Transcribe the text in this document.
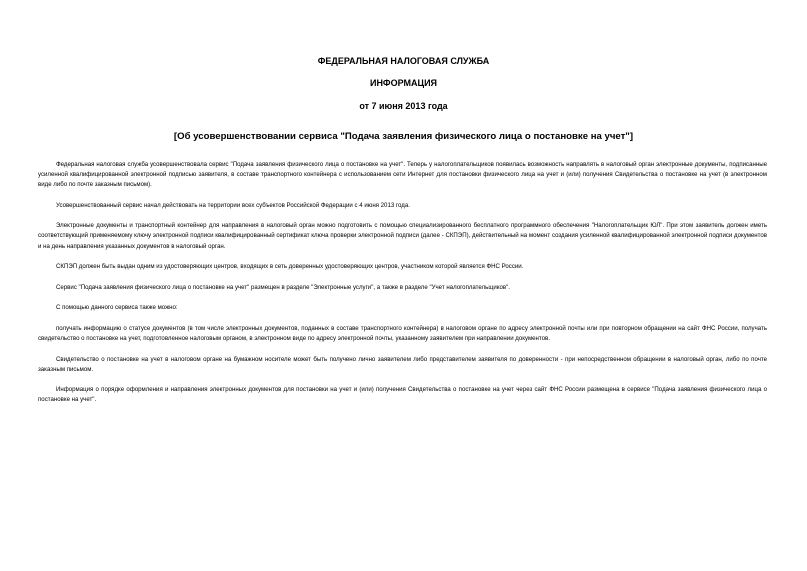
ФЕДЕРАЛЬНАЯ НАЛОГОВАЯ СЛУЖБА
ИНФОРМАЦИЯ
от 7 июня 2013 года
[Об усовершенствовании сервиса "Подача заявления физического лица о постановке на учет"]

Федеральная налоговая служба усовершенствовала сервис "Подача заявления физического лица о постановке на учет". Теперь у налогоплательщиков появилась возможность направлять в налоговый орган электронные документы, подписанные усиленной квалифицированной электронной подписью заявителя, в составе транспортного контейнера с использованием сети Интернет для постановки физического лица на учет и (или) получения Свидетельства о постановке на учет (в электронном виде либо по почте заказным письмом).

Усовершенствованный сервис начал действовать на территории всех субъектов Российской Федерации с 4 июня 2013 года.

Электронные документы и транспортный контейнер для направления в налоговый орган можно подготовить с помощью специализированного бесплатного программного обеспечения "Налогоплательщик ЮЛ". При этом заявитель должен иметь соответствующий применяемому ключу электронной подписи квалифицированный сертификат ключа проверки электронной подписи (далее - СКПЭП), действительный на момент создания усиленной квалифицированной электронной подписи документов и на день направления указанных документов в налоговый орган.

СКПЭП должен быть выдан одним из удостоверяющих центров, входящих в сеть доверенных удостоверяющих центров, участником которой является ФНС России.

Сервис "Подача заявления физического лица о постановке на учет" размещен в разделе "Электронные услуги", а также в разделе "Учет налогоплательщиков".

С помощью данного сервиса также можно:

получать информацию о статусе документов (в том числе электронных документов, поданных в составе транспортного контейнера) в налоговом органе по адресу электронной почты или при повторном обращении на сайт ФНС России, получать свидетельство о постановке на учет, подготовленное налоговым органом, в электронном виде по адресу электронной почты, указанному заявителем при направлении документов.

Свидетельство о постановке на учет в налоговом органе на бумажном носителе может быть получено лично заявителем либо представителем заявителя по доверенности - при непосредственном обращении в налоговый орган, либо по почте заказным письмом.

Информация о порядке оформления и направления электронных документов для постановки на учет и (или) получения Свидетельства о постановке на учет через сайт ФНС России размещена в сервисе "Подача заявления физического лица о постановке на учет".
